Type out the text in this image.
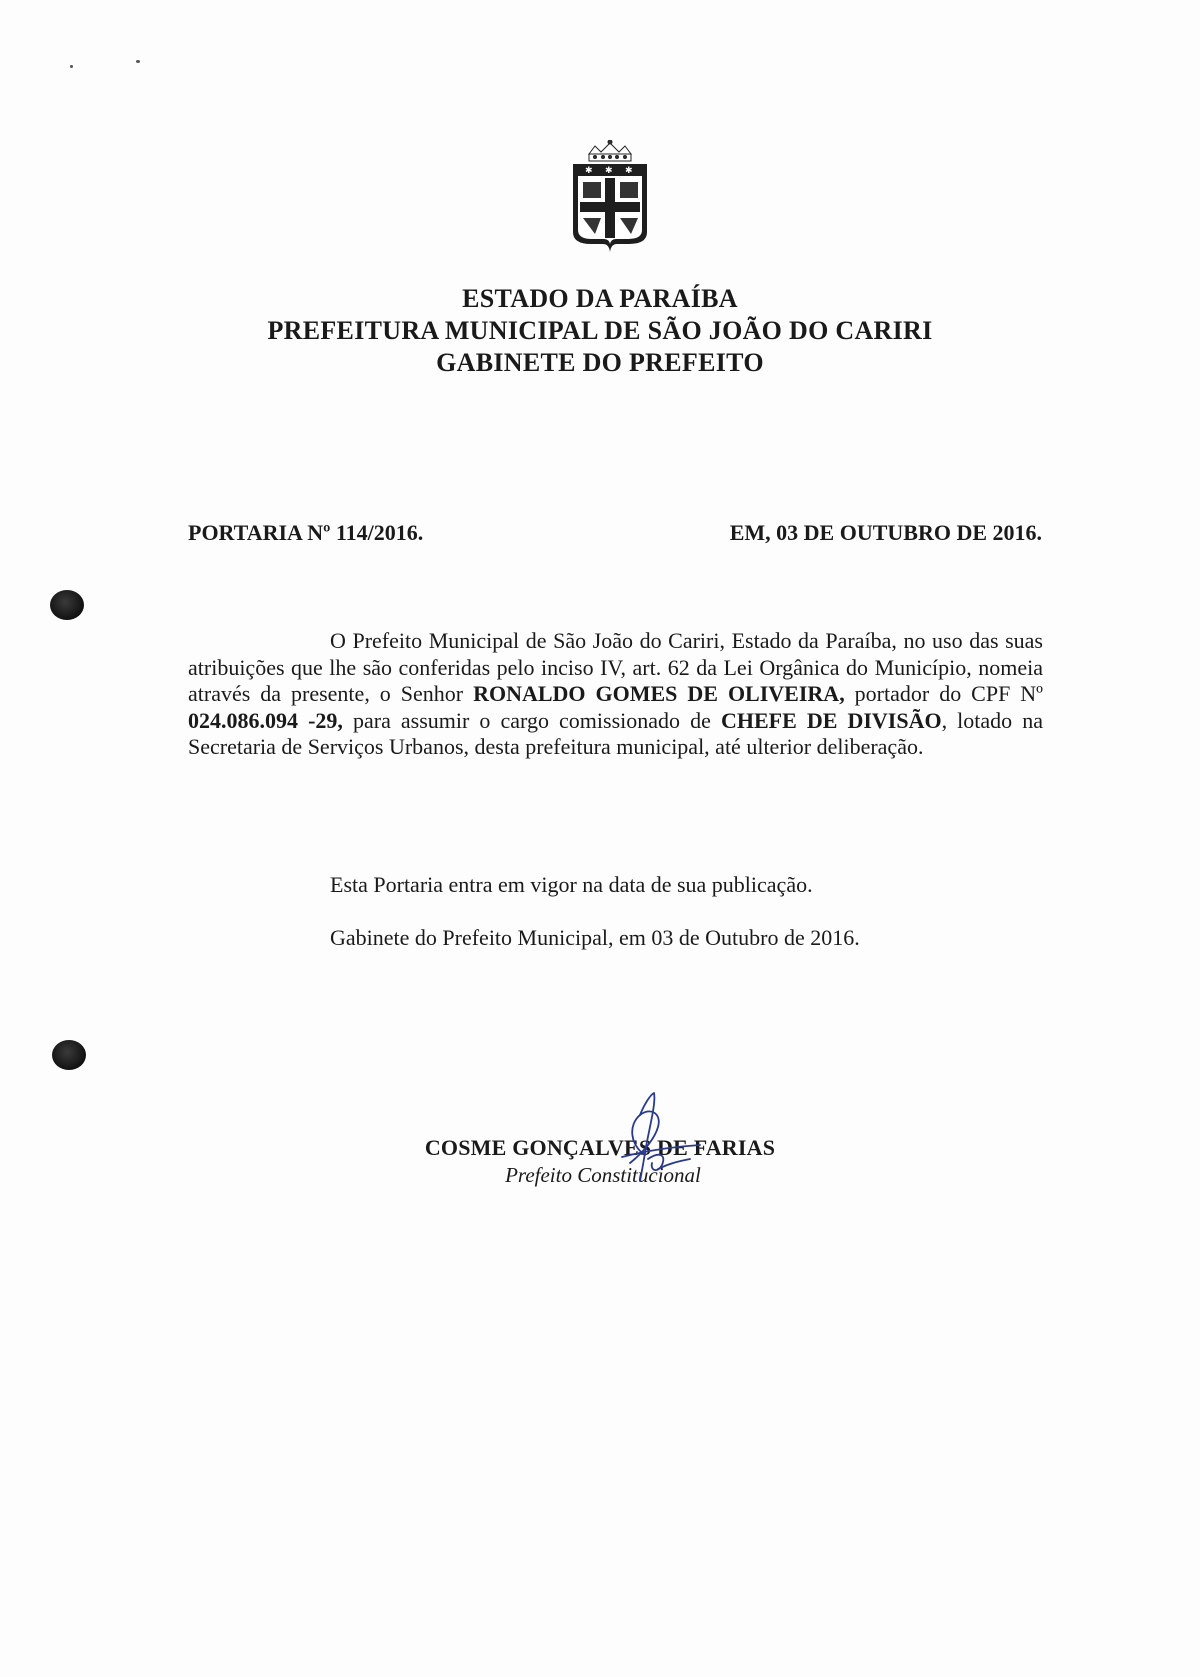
✱ ✱ ✱
ESTADO DA PARAÍBA
PREFEITURA MUNICIPAL DE SÃO JOÃO DO CARIRI
GABINETE DO PREFEITO
PORTARIA Nº 114/2016.	EM, 03 DE OUTUBRO DE 2016.
O Prefeito Municipal de São João do Cariri, Estado da Paraíba, no uso das suas atribuições que lhe são conferidas pelo inciso IV, art. 62 da Lei Orgânica do Município, nomeia através da presente, o Senhor RONALDO GOMES DE OLIVEIRA, portador do CPF Nº 024.086.094 -29, para assumir o cargo comissionado de CHEFE DE DIVISÃO, lotado na Secretaria de Serviços Urbanos, desta prefeitura municipal, até ulterior deliberação.
Esta Portaria entra em vigor na data de sua publicação.
Gabinete do Prefeito Municipal, em 03 de Outubro de 2016.
COSME GONÇALVES DE FARIAS
Prefeito Constitucional
